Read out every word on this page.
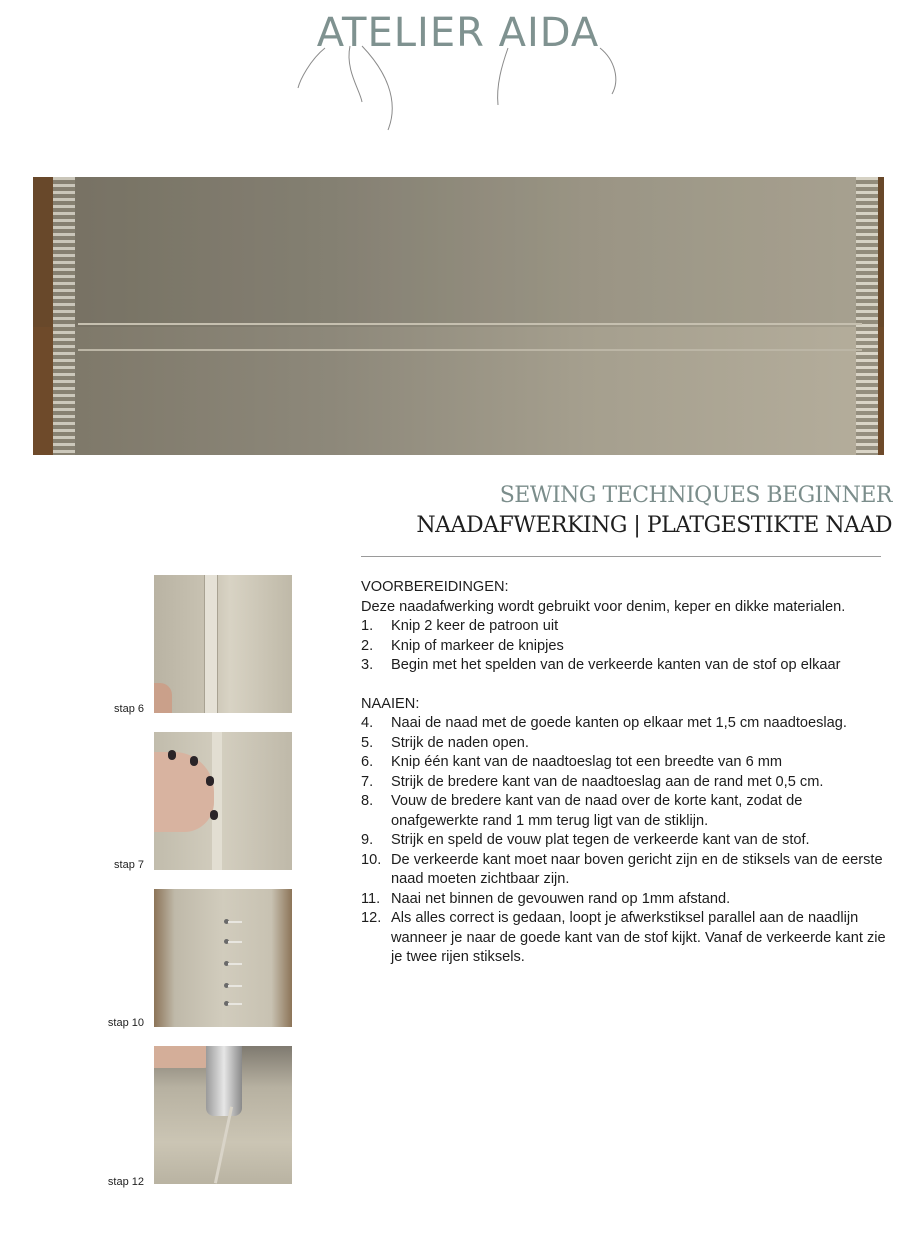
ATELIER AIDA
SEWING TECHNIQUES BEGINNER
NAADAFWERKING | PLATGESTIKTE NAAD
stap 6
stap 7
stap 10
stap 12

VOORBEREIDINGEN:

Deze naadafwerking wordt gebruikt voor denim, keper en dikke materialen.

1. Knip 2 keer de patroon uit
2. Knip of markeer de knipjes
3. Begin met het spelden van de verkeerde kanten van de stof op elkaar

NAAIEN:

4. Naai de naad met de goede kanten op elkaar met 1,5 cm naadtoeslag.
5. Strijk de naden open.
6. Knip één kant van de naadtoeslag tot een breedte van 6 mm
7. Strijk de bredere kant van de naadtoeslag aan de rand met 0,5 cm.
8. Vouw de bredere kant van de naad over de korte kant, zodat de onafgewerkte rand 1 mm terug ligt van de stiklijn.
9. Strijk en speld de vouw plat tegen de verkeerde kant van de stof.
10. De verkeerde kant moet naar boven gericht zijn en de stiksels van de eerste naad moeten zichtbaar zijn.
11. Naai net binnen de gevouwen rand op 1mm afstand.
12. Als alles correct is gedaan, loopt je afwerkstiksel parallel aan de naadlijn wanneer je naar de goede kant van de stof kijkt. Vanaf de verkeerde kant zie je twee rijen stiksels.
